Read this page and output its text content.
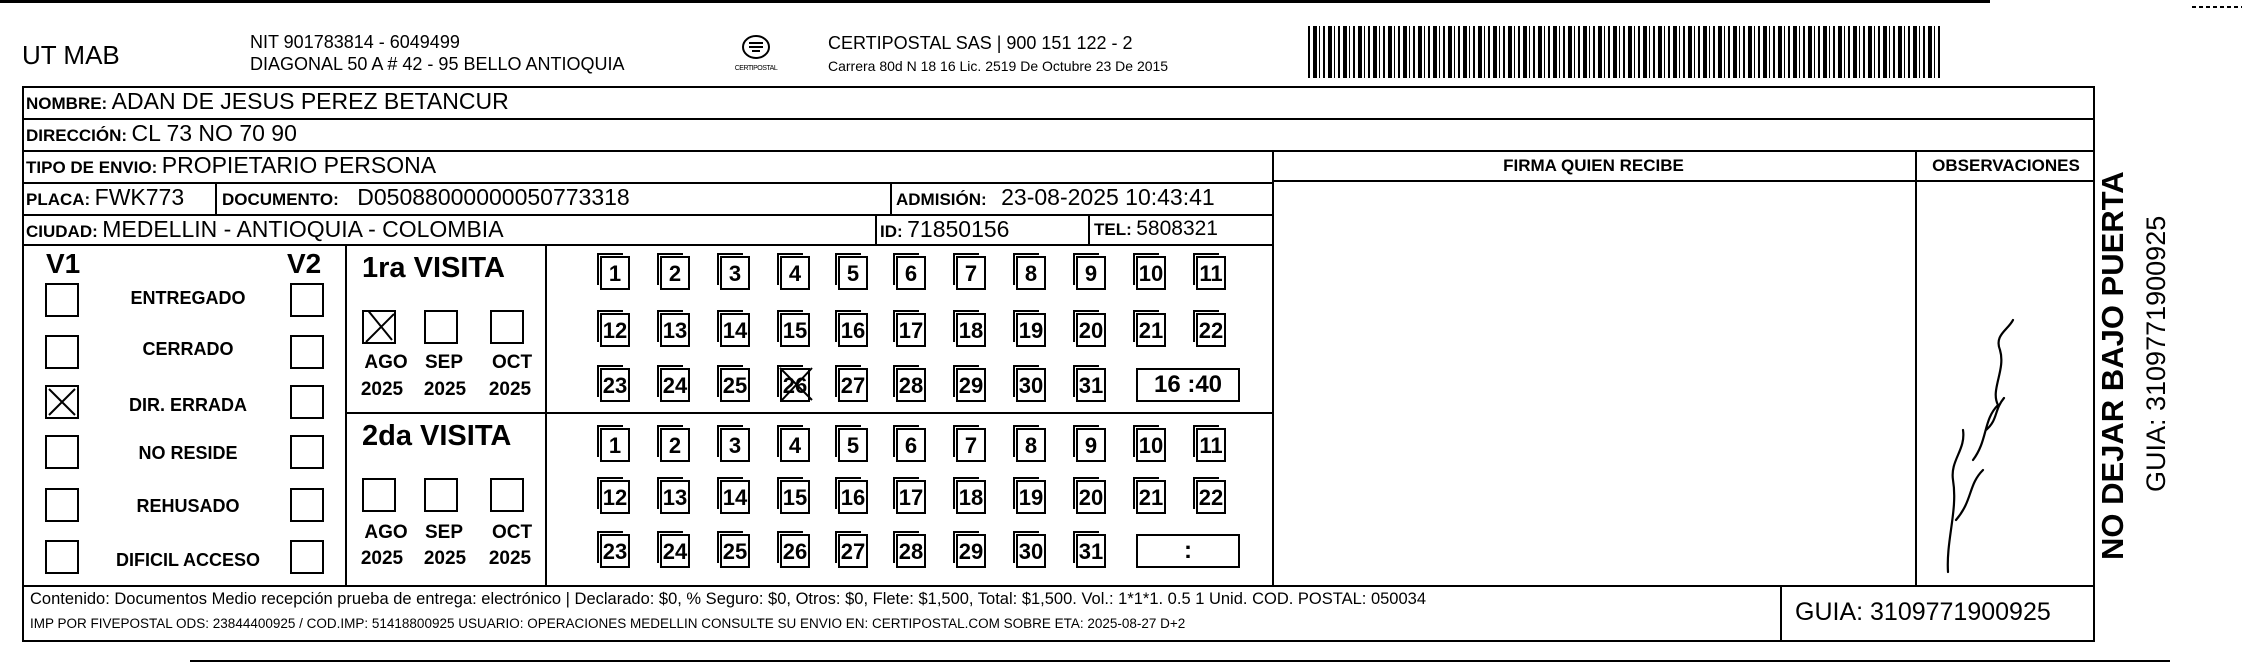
UT MAB	NIT 901783814 - 6049499
DIAGONAL 50 A # 42 - 95 BELLO ANTIOQUIA	CERTIPOSTAL
CERTIPOSTAL SAS | 900 151 122 - 2
Carrera 80d N 18 16 Lic. 2519 De Octubre 23 De 2015
NOMBRE: ADAN DE JESUS PEREZ BETANCUR
DIRECCIÓN: CL 73 NO 70 90
TIPO DE ENVIO: PROPIETARIO PERSONA
PLACA: FWK773 DOCUMENTO: D05088000000050773318	ADMISIÓN: 23-08-2025 10:43:41
CIUDAD: MEDELLIN - ANTIOQUIA - COLOMBIA	ID: 71850156	TEL: 5808321
FIRMA QUIEN RECIBE	OBSERVACIONES
V1	V2
ENTREGADO
CERRADO
DIR. ERRADA
NO RESIDE
REHUSADO
DIFICIL ACCESO
1ra VISITA
AGO SEP	OCT
2025	2025	2025
2da VISITA
AGO SEP	OCT
2025	2025	2025
1	2	3	4	5	6	7	8	9	10 11
12 13 14 15 16 17 18 19 20 21 22
23 24 25 26 27 28 29 30 31 16 :40
1	2	3	4	5	6	7	8	9	10 11
12 13 14 15 16 17 18 19 20 21 22
23 24 25 26 27 28 29 30 31	:
Contenido: Documentos Medio recepción prueba de entrega: electrónico | Declarado: $0, % Seguro: $0, Otros: $0, Flete: $1,500, Total: $1,500. Vol.: 1*1*1. 0.5 1 Unid. COD. POSTAL: 050034
IMP POR FIVEPOSTAL ODS: 23844400925 / COD.IMP: 51418800925 USUARIO: OPERACIONES MEDELLIN CONSULTE SU ENVIO EN: CERTIPOSTAL.COM SOBRE ETA: 2025-08-27 D+2	GUIA: 3109771900925
NO DEJAR BAJO PUERTA GUIA: 3109771900925
